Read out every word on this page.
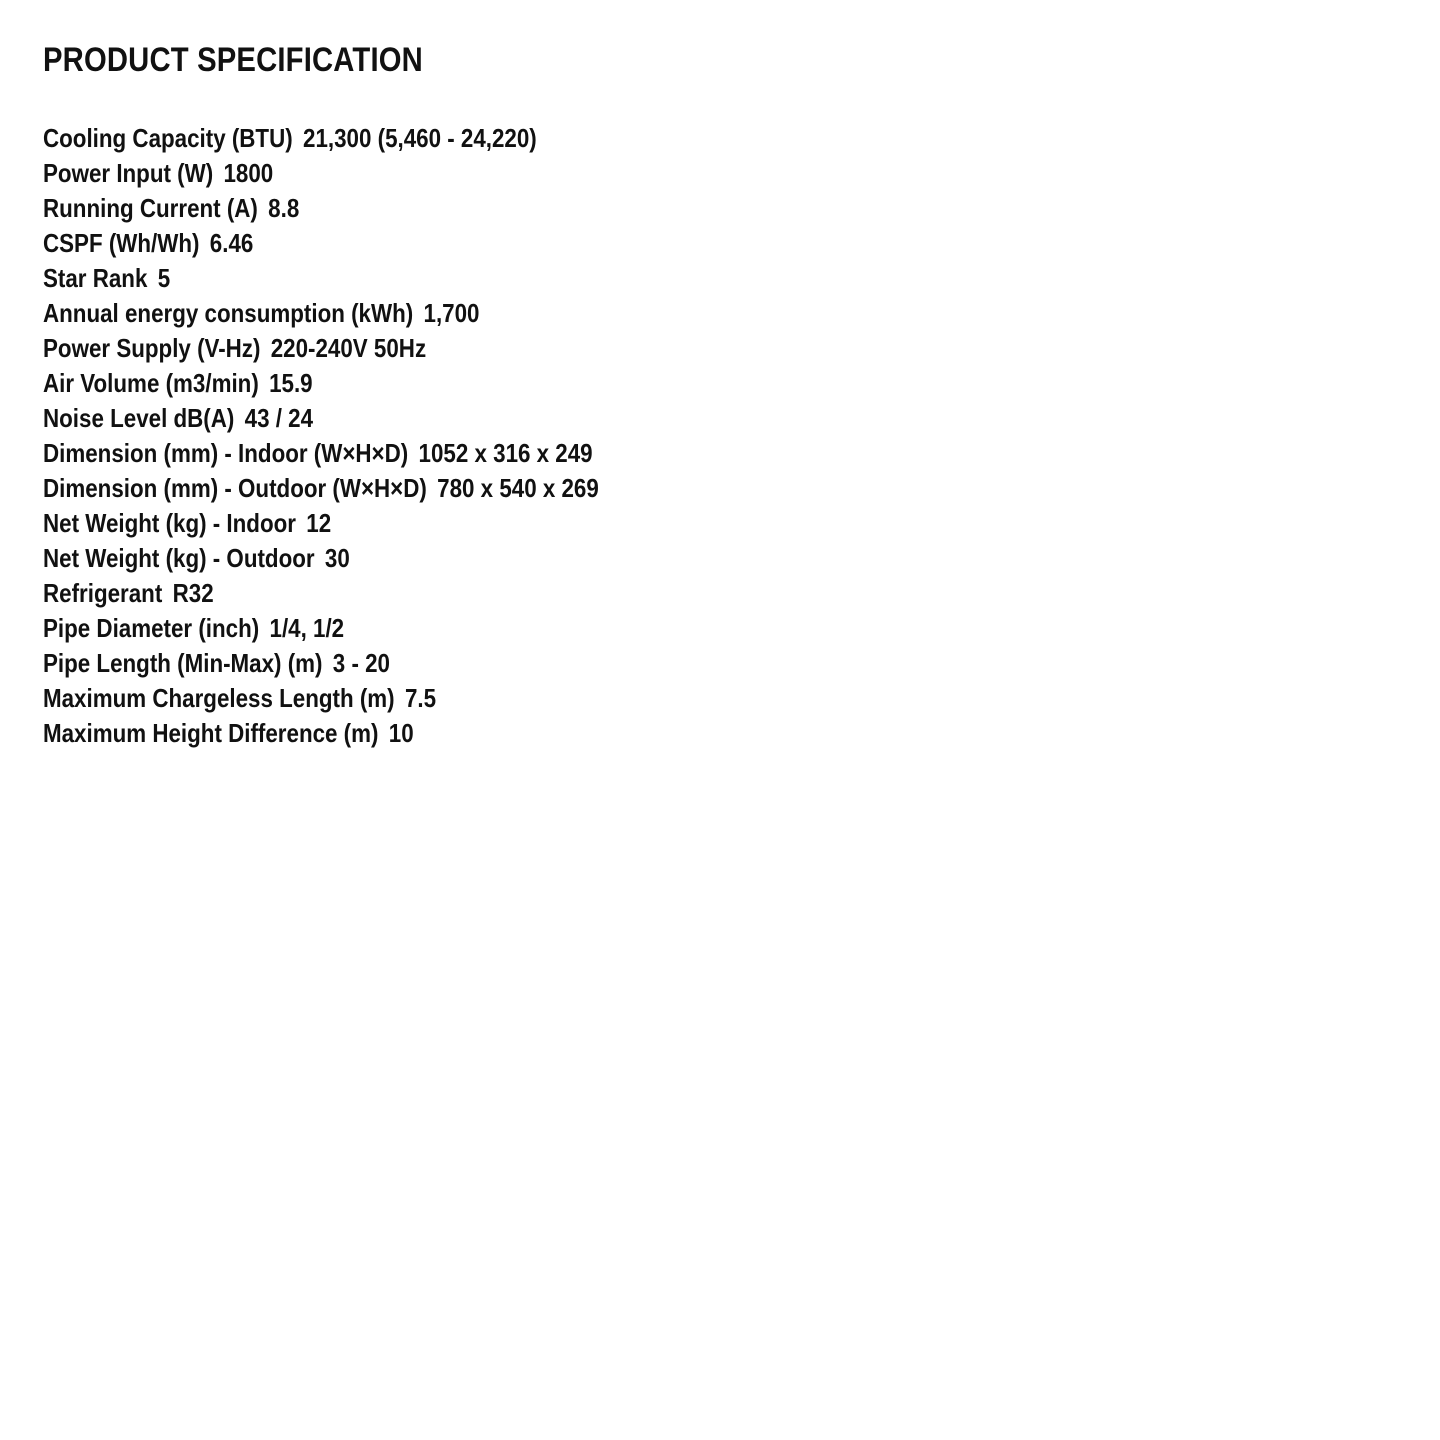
PRODUCT SPECIFICATION
Cooling Capacity (BTU) 21,300 (5,460 - 24,220)
Power Input (W) 1800
Running Current (A) 8.8
CSPF (Wh/Wh) 6.46
Star Rank 5
Annual energy consumption (kWh) 1,700
Power Supply (V-Hz) 220-240V 50Hz
Air Volume (m3/min) 15.9
Noise Level dB(A) 43 / 24
Dimension (mm) - Indoor (W×H×D) 1052 x 316 x 249
Dimension (mm) - Outdoor (W×H×D) 780 x 540 x 269
Net Weight (kg) - Indoor 12
Net Weight (kg) - Outdoor 30
Refrigerant R32
Pipe Diameter (inch) 1/4, 1/2
Pipe Length (Min-Max) (m) 3 - 20
Maximum Chargeless Length (m) 7.5
Maximum Height Difference (m) 10
